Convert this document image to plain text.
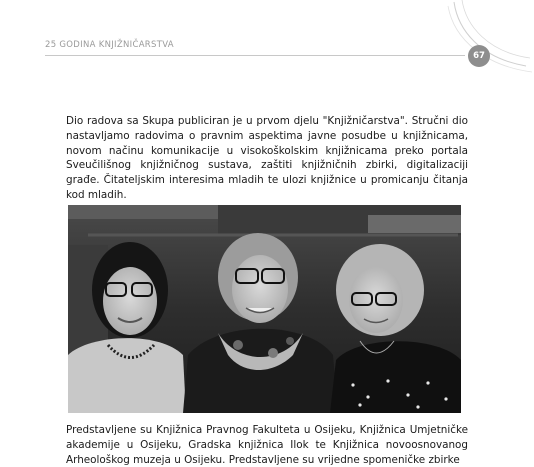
25 GODINA KNJIŽNIČARSTVA
67
Dio radova sa Skupa publiciran je u prvom djelu "Knjižničarstva". Stručni dio nastavljamo radovima o pravnim aspektima javne posudbe u knjižnicama, novom načinu komunikacije u visokoškolskim knjižnicama preko portala Sveučilišnog knjižničnog sustava, zaštiti knjižničnih zbirki, digitalizaciji građe. Čitateljskim interesima mladih te ulozi knjižnice u promicanju čitanja kod mladih.
Predstavljene su Knjižnica Pravnog Fakulteta u Osijeku, Knjižnica Umjetničke akademije u Osijeku, Gradska knjižnica Ilok te Knjižnica novoosnovanog Arheološkog muzeja u Osijeku. Predstavljene su vrijedne spomeničke zbirke
